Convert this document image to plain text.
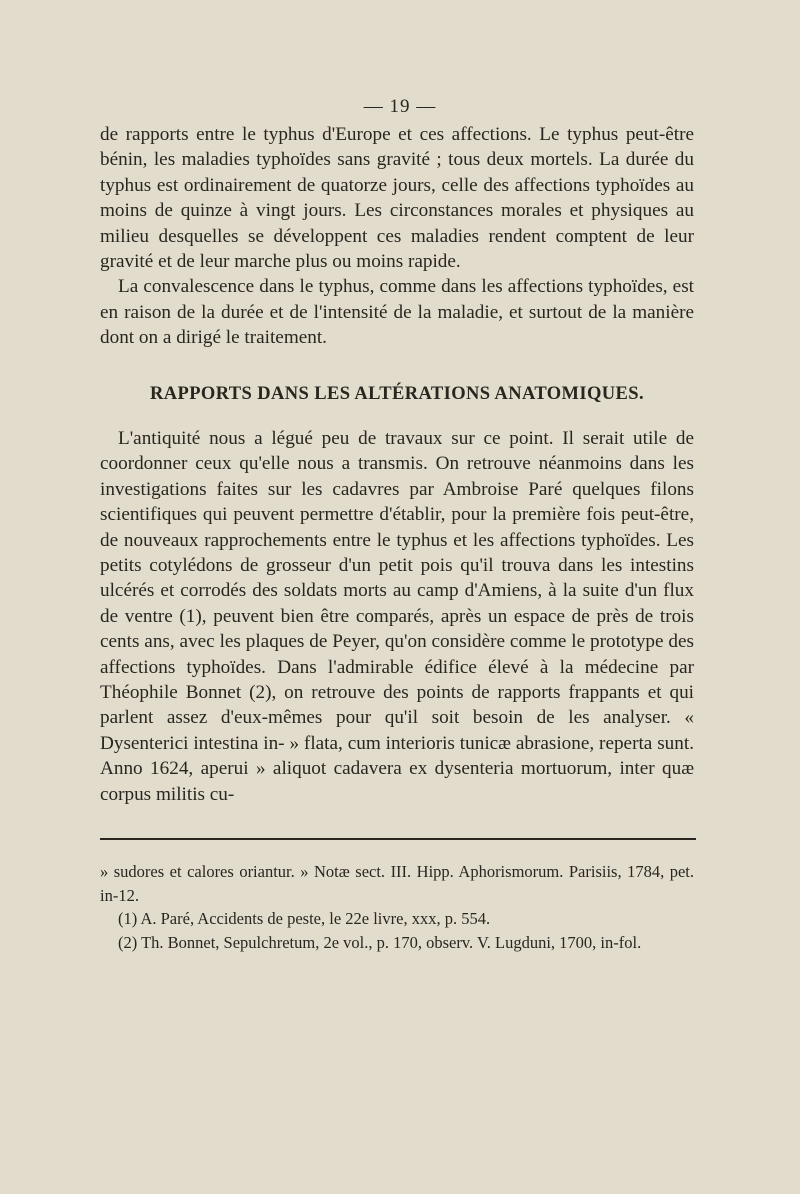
— 19 —

de rapports entre le typhus d'Europe et ces affections. Le typhus peut-être bénin, les maladies typhoïdes sans gravité ; tous deux mortels. La durée du typhus est ordinairement de quatorze jours, celle des affections typhoïdes au moins de quinze à vingt jours. Les circonstances morales et physiques au milieu desquelles se développent ces maladies rendent comptent de leur gravité et de leur marche plus ou moins rapide.

La convalescence dans le typhus, comme dans les affections typhoïdes, est en raison de la durée et de l'intensité de la maladie, et surtout de la manière dont on a dirigé le traitement.

RAPPORTS DANS LES ALTÉRATIONS ANATOMIQUES.

L'antiquité nous a légué peu de travaux sur ce point. Il serait utile de coordonner ceux qu'elle nous a transmis. On retrouve néanmoins dans les investigations faites sur les cadavres par Ambroise Paré quelques filons scientifiques qui peuvent permettre d'établir, pour la première fois peut-être, de nouveaux rapprochements entre le typhus et les affections typhoïdes. Les petits cotylédons de grosseur d'un petit pois qu'il trouva dans les intestins ulcérés et corrodés des soldats morts au camp d'Amiens, à la suite d'un flux de ventre (1), peuvent bien être comparés, après un espace de près de trois cents ans, avec les plaques de Peyer, qu'on considère comme le prototype des affections typhoïdes. Dans l'admirable édifice élevé à la médecine par Théophile Bonnet (2), on retrouve des points de rapports frappants et qui parlent assez d'eux-mêmes pour qu'il soit besoin de les analyser. « Dysenterici intestina in- » flata, cum interioris tunicæ abrasione, reperta sunt. Anno 1624, aperui » aliquot cadavera ex dysenteria mortuorum, inter quæ corpus militis cu-

» sudores et calores oriantur. » Notæ sect. III. Hipp. Aphorismorum. Parisiis, 1784, pet. in-12.

(1) A. Paré, Accidents de peste, le 22e livre, xxx, p. 554.

(2) Th. Bonnet, Sepulchretum, 2e vol., p. 170, observ. V. Lugduni, 1700, in-fol.
